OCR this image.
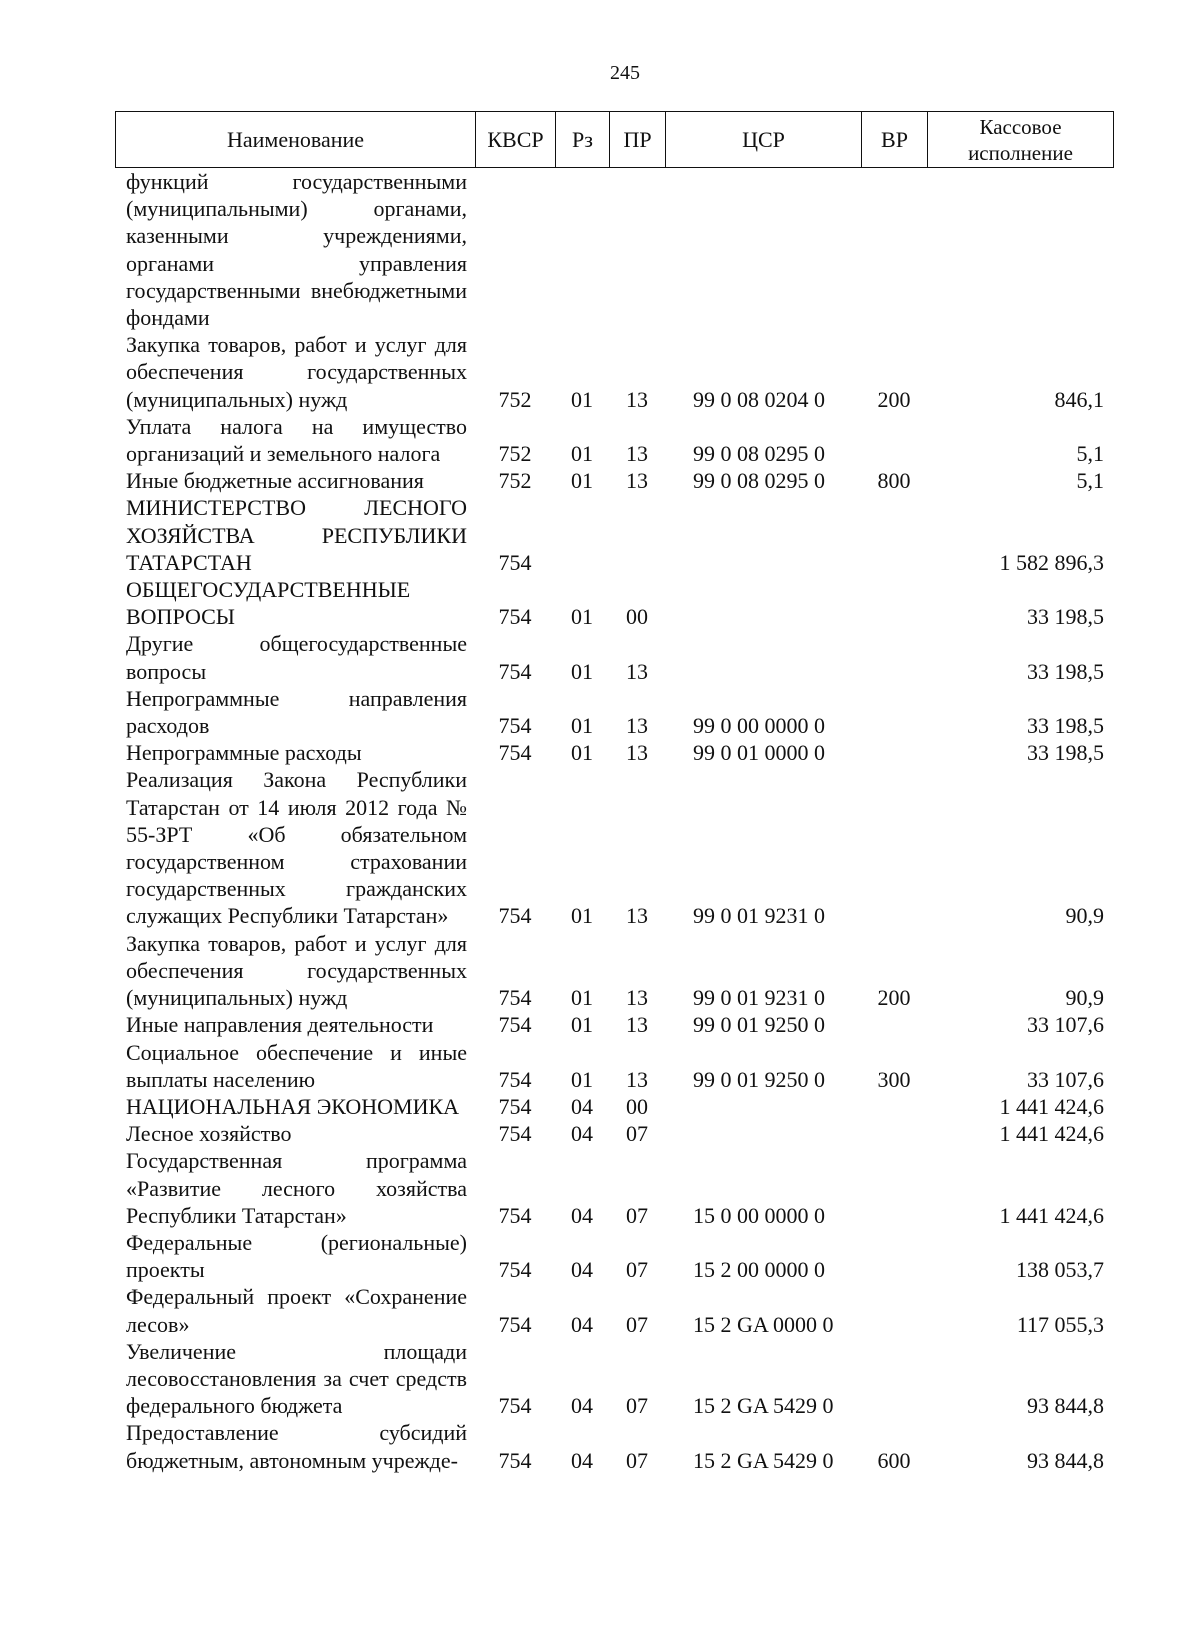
245
Наименование	КВСР	Рз	ПР	ЦСР	ВР	Кассовое исполнение
функций государственными (муниципальными) органами, казенными учреждениями, органами управления государственными внебюджетными фондами						
Закупка товаров, работ и услуг для обеспечения государственных (муниципальных) нужд	752	01	13	99 0 08 0204 0	200	846,1
Уплата налога на имущество организаций и земельного налога	752	01	13	99 0 08 0295 0		5,1
Иные бюджетные ассигнования	752	01	13	99 0 08 0295 0	800	5,1
МИНИСТЕРСТВО ЛЕСНОГО ХОЗЯЙСТВА РЕСПУБЛИКИ ТАТАРСТАН	754					1 582 896,3
ОБЩЕГОСУДАРСТВЕННЫЕ ВОПРОСЫ	754	01	00			33 198,5
Другие общегосударственные вопросы	754	01	13			33 198,5
Непрограммные направления расходов	754	01	13	99 0 00 0000 0		33 198,5
Непрограммные расходы	754	01	13	99 0 01 0000 0		33 198,5
Реализация Закона Республики Татарстан от 14 июля 2012 года № 55-ЗРТ «Об обязательном государственном страховании государственных гражданских служащих Республики Татарстан»	754	01	13	99 0 01 9231 0		90,9
Закупка товаров, работ и услуг для обеспечения государственных (муниципальных) нужд	754	01	13	99 0 01 9231 0	200	90,9
Иные направления деятельности	754	01	13	99 0 01 9250 0		33 107,6
Социальное обеспечение и иные выплаты населению	754	01	13	99 0 01 9250 0	300	33 107,6
НАЦИОНАЛЬНАЯ ЭКОНОМИКА	754	04	00			1 441 424,6
Лесное хозяйство	754	04	07			1 441 424,6
Государственная программа «Развитие лесного хозяйства Республики Татарстан»	754	04	07	15 0 00 0000 0		1 441 424,6
Федеральные (региональные) проекты	754	04	07	15 2 00 0000 0		138 053,7
Федеральный проект «Сохранение лесов»	754	04	07	15 2 GA 0000 0		117 055,3
Увеличение площади лесовосстановления за счет средств федерального бюджета	754	04	07	15 2 GA 5429 0		93 844,8
Предоставление субсидий бюджетным, автономным учрежде-	754	04	07	15 2 GA 5429 0	600	93 844,8
